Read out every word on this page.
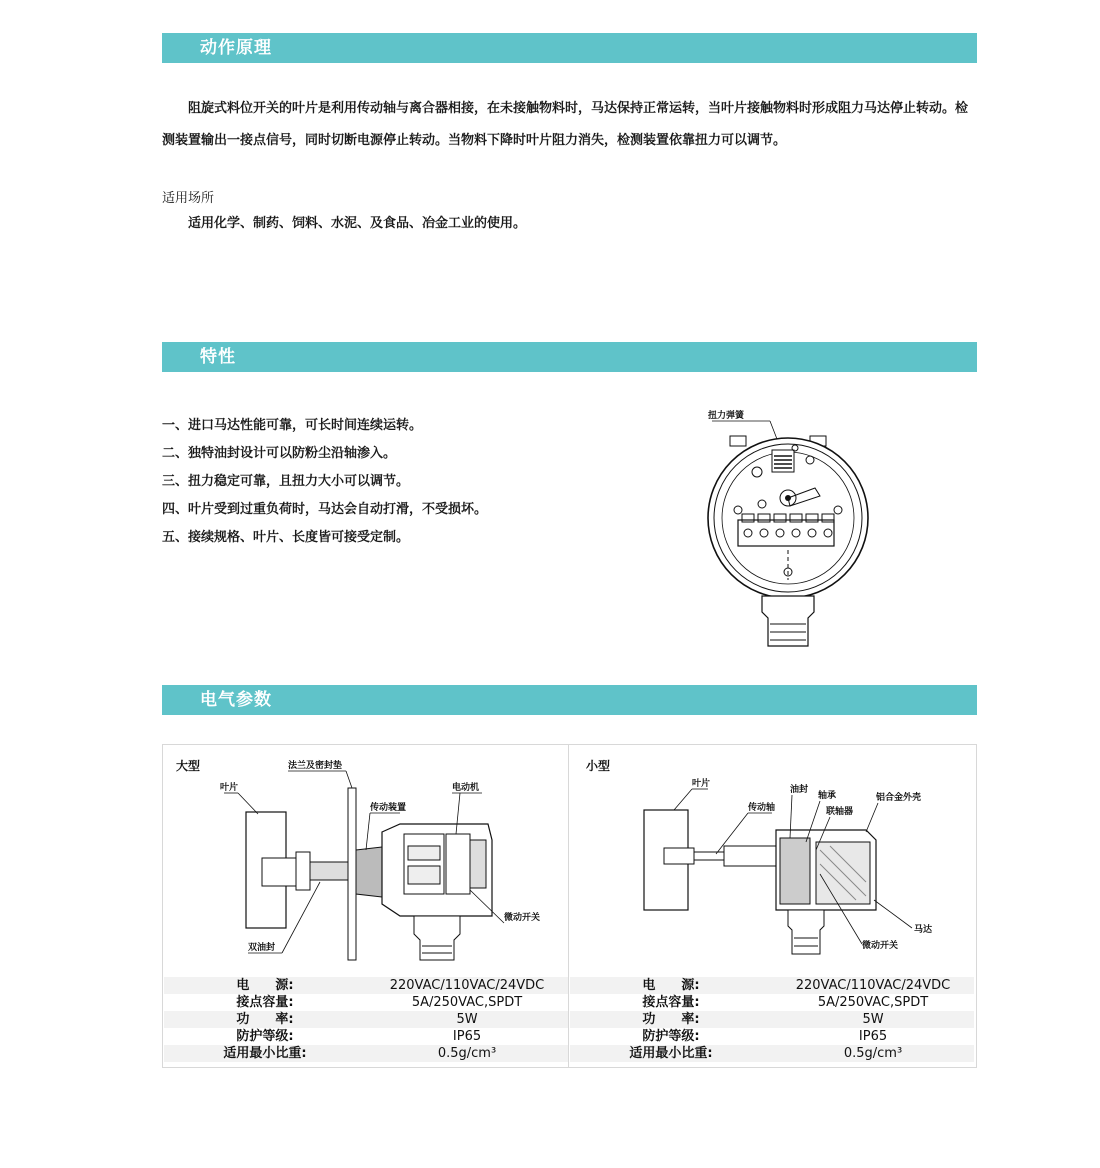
动作原理

阻旋式料位开关的叶片是利用传动轴与离合器相接，在未接触物料时，马达保持正常运转，当叶片接触物料时形成阻力马达停止转动。检测装置输出一接点信号，同时切断电源停止转动。当物料下降时叶片阻力消失，检测装置依靠扭力可以调节。

适用场所
适用化学、制药、饲料、水泥、及食品、冶金工业的使用。
特性
一、进口马达性能可靠，可长时间连续运转。
二、独特油封设计可以防粉尘沿轴渗入。
三、扭力稳定可靠，且扭力大小可以调节。
四、叶片受到过重负荷时，马达会自动打滑，不受损坏。
五、接续规格、叶片、长度皆可接受定制。
扭力弹簧
电气参数
大型
叶片
法兰及密封垫
传动装置
电动机
微动开关
双油封
小型
叶片
传动轴
油封
轴承	铝合金外壳
联轴器
马达
微动开关
电　　源:	220VAC/110VAC/24VDC
接点容量:	5A/250VAC,SPDT
功　　率:	5W
防护等级:	IP65
适用最小比重:	0.5g/cm³
电　　源:	220VAC/110VAC/24VDC
接点容量:	5A/250VAC,SPDT
功　　率:	5W
防护等级:	IP65
适用最小比重:	0.5g/cm³
